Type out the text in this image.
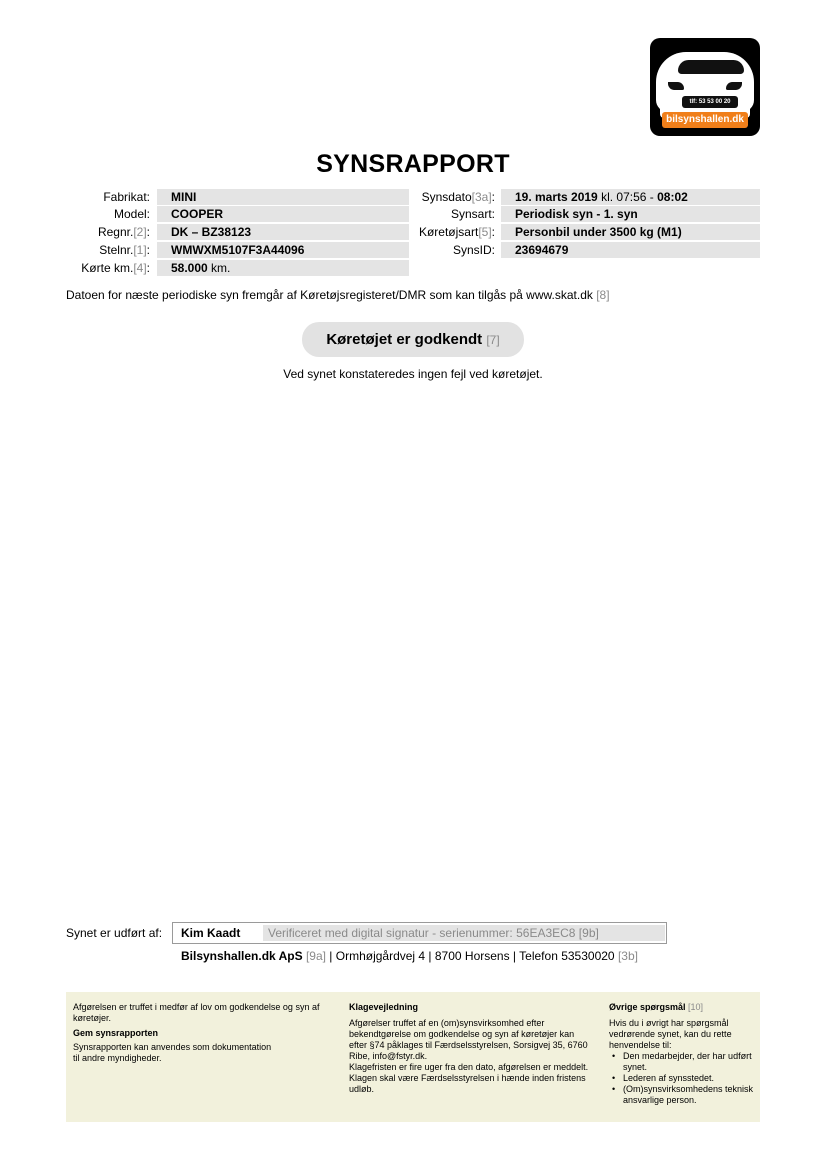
tlf: 53 53 00 20
bilsynshallen.dk
SYNSRAPPORT
Fabrikat:	MINI
Model:	COOPER
Regnr.[2]:	DK – BZ38123
Stelnr.[1]:	WMWXM5107F3A44096
Kørte km.[4]:	58.000 km.
Synsdato[3a]:	19. marts 2019 kl. 07:56 - 08:02
Synsart:	Periodisk syn - 1. syn
Køretøjsart[5]:	Personbil under 3500 kg (M1)
SynsID:	23694679
Datoen for næste periodiske syn fremgår af Køretøjsregisteret/DMR som kan tilgås på www.skat.dk [8]
Køretøjet er godkendt [7]
Ved synet konstateredes ingen fejl ved køretøjet.
Synet er udført af: Kim Kaadt	Verificeret med digital signatur - serienummer: 56EA3EC8 [9b]
Bilsynshallen.dk ApS [9a] | Ormhøjgårdvej 4 | 8700 Horsens | Telefon 53530020 [3b]
Afgørelsen er truffet i medfør af lov om godkendelse og syn af køretøjer.
Gem synsrapporten
Synsrapporten kan anvendes som dokumentation
til andre myndigheder.
Klagevejledning
Afgørelser truffet af en (om)synsvirksomhed efter bekendtgørelse om godkendelse og syn af køretøjer kan efter §74 påklages til Færdselsstyrelsen, Sorsigvej 35, 6760 Ribe, info@fstyr.dk.
Klagefristen er fire uger fra den dato, afgørelsen er meddelt. Klagen skal være Færdselsstyrelsen i hænde inden fristens udløb.
Øvrige spørgsmål [10]
Hvis du i øvrigt har spørgsmål vedrørende synet, kan du rette henvendelse til:
• Den medarbejder, der har udført synet.
• Lederen af synsstedet.
• (Om)synsvirksomhedens teknisk ansvarlige person.
